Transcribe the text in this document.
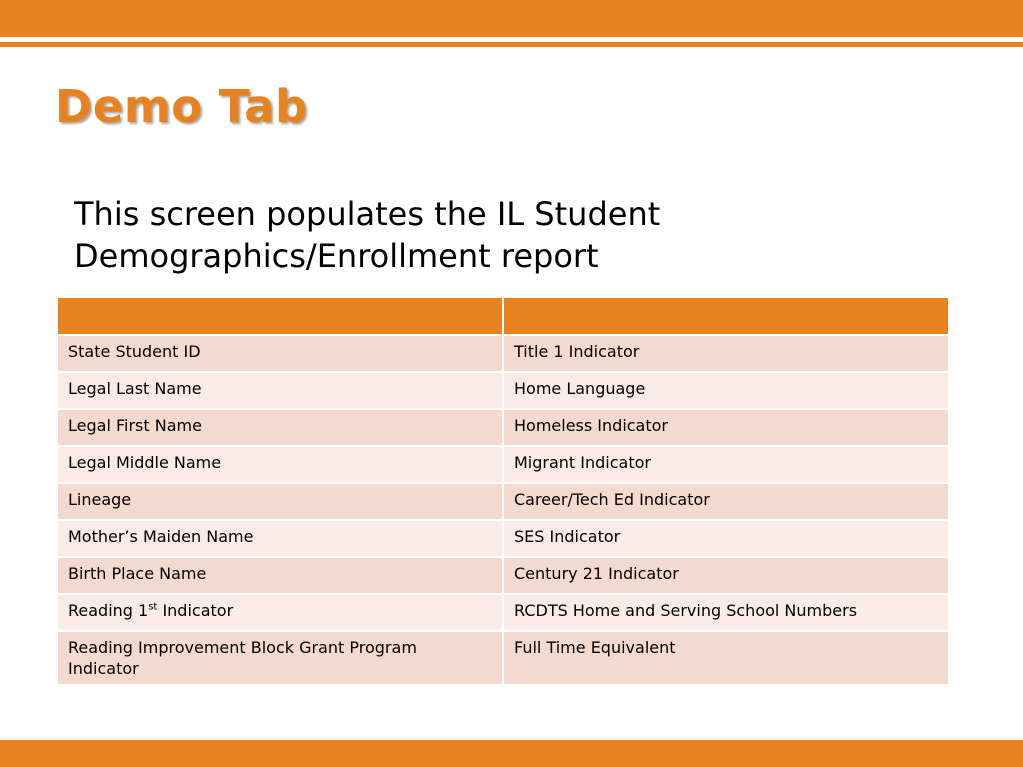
Demo Tab

This screen populates the IL Student
Demographics/Enrollment report

State Student ID	Title 1 Indicator
Legal Last Name	Home Language
Legal First Name	Homeless Indicator
Legal Middle Name	Migrant Indicator
Lineage	Career/Tech Ed Indicator
Mother’s Maiden Name	SES Indicator
Birth Place Name	Century 21 Indicator
Reading 1st Indicator	RCDTS Home and Serving School Numbers
Reading Improvement Block Grant Program Indicator	Full Time Equivalent
